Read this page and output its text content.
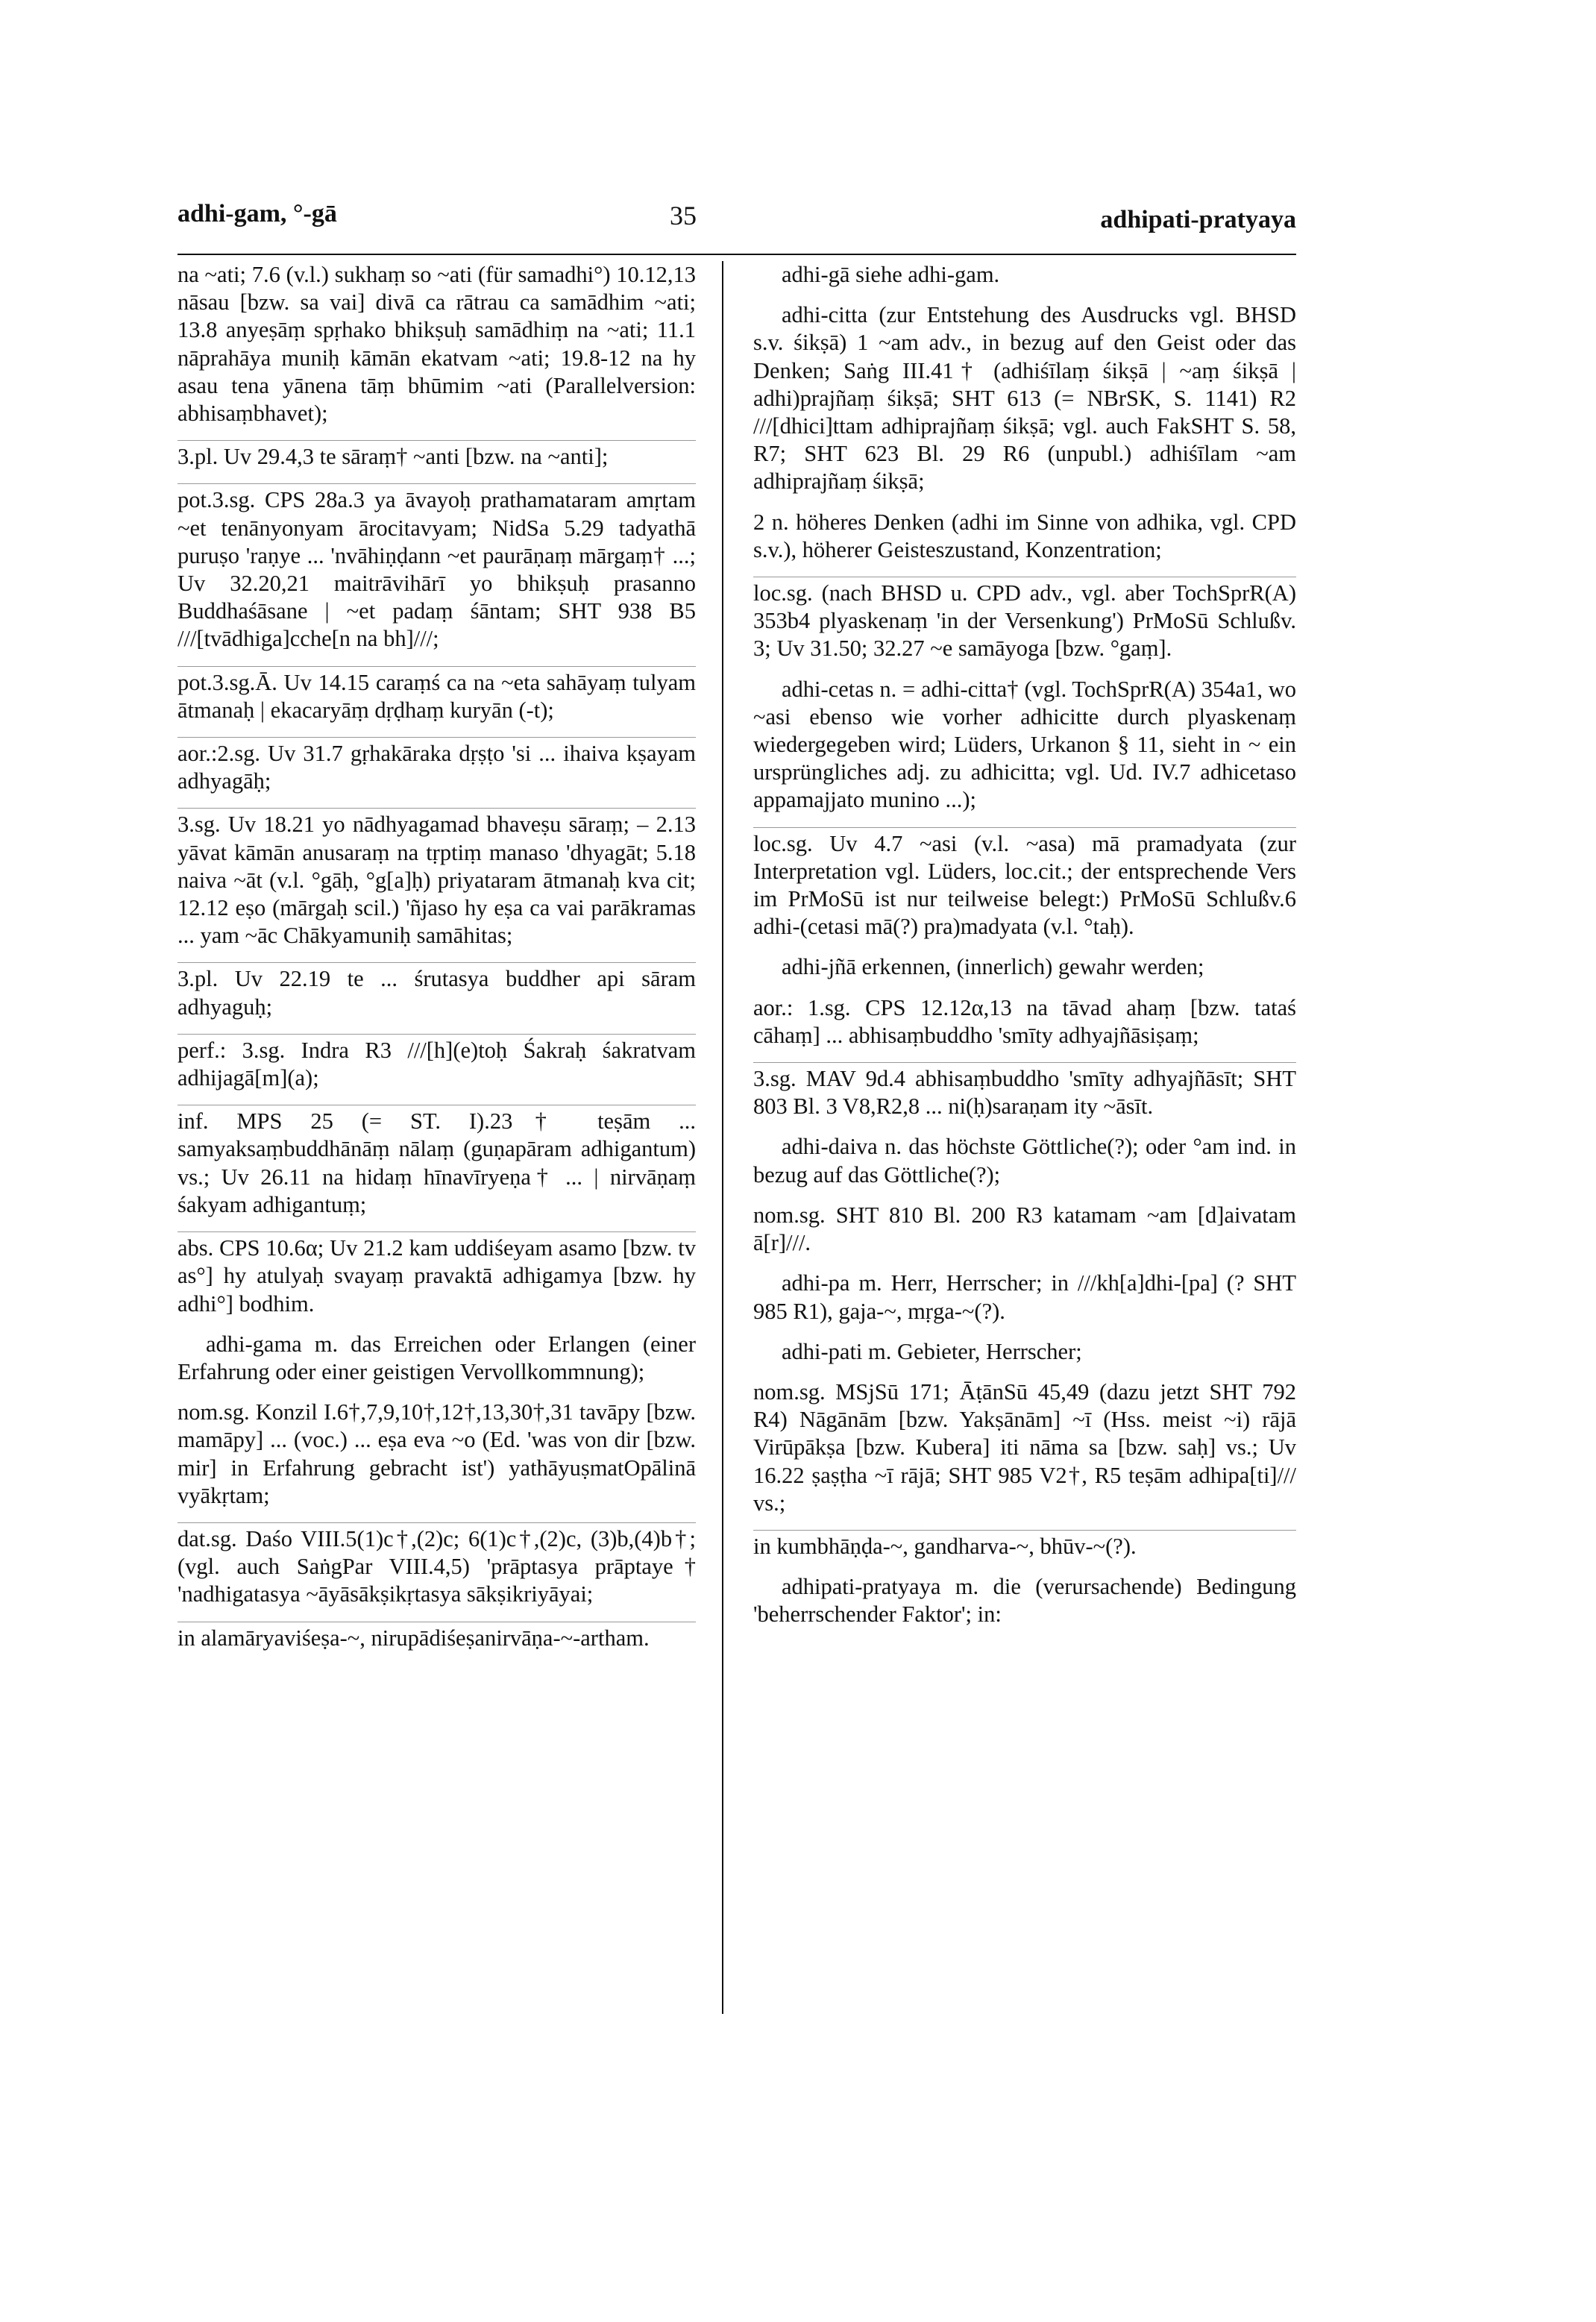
adhi-gam, °-gā	35	adhipati-pratyaya

na ~ati; 7.6 (v.l.) sukhaṃ so ~ati (für samadhi°) 10.12,13 nāsau [bzw. sa vai] divā ca rātrau ca samādhim ~ati; 13.8 anyeṣāṃ spṛhako bhikṣuḥ samādhiṃ na ~ati; 11.1 nāprahāya muniḥ kāmān ekatvam ~ati; 19.8-12 na hy asau tena yānena tāṃ bhūmim ~ati (Parallelversion: abhisaṃbhavet);

3.pl. Uv 29.4,3 te sāraṃ† ~anti [bzw. na ~anti];

pot.3.sg. CPS 28a.3 ya āvayoḥ prathamataram amṛtam ~et tenānyonyam ārocitavyam; NidSa 5.29 tadyathā puruṣo 'raṇye ... 'nvāhiṇḍann ~et paurāṇaṃ mārgaṃ† ...; Uv 32.20,21 maitrāvihārī yo bhikṣuḥ prasanno Buddhaśāsane | ~et padaṃ śāntam; SHT 938 B5 ///[tvādhiga]cche[n na bh]///;

pot.3.sg.Ā. Uv 14.15 caraṃś ca na ~eta sahāyaṃ tulyam ātmanaḥ | ekacaryāṃ dṛḍhaṃ kuryān (-t);

aor.:2.sg. Uv 31.7 gṛhakāraka dṛṣṭo 'si ... ihaiva kṣayam adhyagāḥ;

3.sg. Uv 18.21 yo nādhyagamad bhaveṣu sāraṃ; – 2.13 yāvat kāmān anusaraṃ na tṛptiṃ manaso 'dhyagāt; 5.18 naiva ~āt (v.l. °gāḥ, °g[a]ḥ) priyataram ātmanaḥ kva cit; 12.12 eṣo (mārgaḥ scil.) 'ñjaso hy eṣa ca vai parākramas ... yam ~āc Chākyamuniḥ samāhitas;

3.pl. Uv 22.19 te ... śrutasya buddher api sāram adhyaguḥ;

perf.: 3.sg. Indra R3 ///[h](e)toḥ Śakraḥ śakratvam adhijagā[m](a);

inf. MPS 25 (= ST. I).23† teṣām ... samyaksaṃbuddhānāṃ nālaṃ (guṇapāram adhigantum) vs.; Uv 26.11 na hidaṃ hīnavīryeṇa† ... | nirvāṇaṃ śakyam adhigantuṃ;

abs. CPS 10.6α; Uv 21.2 kam uddiśeyam asamo [bzw. tv as°] hy atulyaḥ svayaṃ pravaktā adhigamya [bzw. hy adhi°] bodhim.

adhi-gama m. das Erreichen oder Erlangen (einer Erfahrung oder einer geistigen Vervollkommnung);

nom.sg. Konzil I.6†,7,9,10†,12†,13,30†,31 tavāpy [bzw. mamāpy] ... (voc.) ... eṣa eva ~o (Ed. 'was von dir [bzw. mir] in Erfahrung gebracht ist') yathāyuṣmatOpālinā vyākṛtam;

dat.sg. Daśo VIII.5(1)c†,(2)c; 6(1)c†,(2)c, (3)b,(4)b†; (vgl. auch SaṅgPar VIII.4,5) 'prāptasya prāptaye† 'nadhigatasya ~āyāsākṣikṛtasya sākṣikriyāyai;

in alamāryaviśeṣa-~, nirupādiśeṣanirvāṇa-~-artham.

adhi-gā siehe adhi-gam.

adhi-citta (zur Entstehung des Ausdrucks vgl. BHSD s.v. śikṣā) 1 ~am adv., in bezug auf den Geist oder das Denken; Saṅg III.41† (adhiśīlaṃ śikṣā | ~aṃ śikṣā | adhi)prajñaṃ śikṣā; SHT 613 (= NBrSK, S. 1141) R2 ///[dhici]ttam adhiprajñaṃ śikṣā; vgl. auch FakSHT S. 58, R7; SHT 623 Bl. 29 R6 (unpubl.) adhiśīlam ~am adhiprajñaṃ śikṣā;

2 n. höheres Denken (adhi im Sinne von adhika, vgl. CPD s.v.), höherer Geisteszustand, Konzentration;

loc.sg. (nach BHSD u. CPD adv., vgl. aber TochSprR(A) 353b4 plyaskenaṃ 'in der Versenkung') PrMoSū Schlußv. 3; Uv 31.50; 32.27 ~e samāyoga [bzw. °gaṃ].

adhi-cetas n. = adhi-citta† (vgl. TochSprR(A) 354a1, wo ~asi ebenso wie vorher adhicitte durch plyaskenaṃ wiedergegeben wird; Lüders, Urkanon § 11, sieht in ~ ein ursprüngliches adj. zu adhicitta; vgl. Ud. IV.7 adhicetaso appamajjato munino ...);

loc.sg. Uv 4.7 ~asi (v.l. ~asa) mā pramadyata (zur Interpretation vgl. Lüders, loc.cit.; der entsprechende Vers im PrMoSū ist nur teilweise belegt:) PrMoSū Schlußv.6 adhi-(cetasi mā(?) pra)madyata (v.l. °taḥ).

adhi-jñā erkennen, (innerlich) gewahr werden;

aor.: 1.sg. CPS 12.12α,13 na tāvad ahaṃ [bzw. tataś cāhaṃ] ... abhisaṃbuddho 'smīty adhyajñāsiṣaṃ;

3.sg. MAV 9d.4 abhisaṃbuddho 'smīty adhyajñāsīt; SHT 803 Bl. 3 V8,R2,8 ... ni(ḥ)saraṇam ity ~āsīt.

adhi-daiva n. das höchste Göttliche(?); oder °am ind. in bezug auf das Göttliche(?);

nom.sg. SHT 810 Bl. 200 R3 katamam ~am [d]aivatam ā[r]///.

adhi-pa m. Herr, Herrscher; in ///kh[a]dhi-[pa] (? SHT 985 R1), gaja-~, mṛga-~(?).

adhi-pati m. Gebieter, Herrscher;

nom.sg. MSjSū 171; ĀṭānSū 45,49 (dazu jetzt SHT 792 R4) Nāgānām [bzw. Yakṣānām] ~ī (Hss. meist ~i) rājā Virūpākṣa [bzw. Kubera] iti nāma sa [bzw. saḥ] vs.; Uv 16.22 ṣaṣṭha ~ī rājā; SHT 985 V2†, R5 teṣām adhipa[ti]/// vs.;

in kumbhāṇḍa-~, gandharva-~, bhūv-~(?).

adhipati-pratyaya m. die (verursachende) Bedingung 'beherrschender Faktor'; in:
